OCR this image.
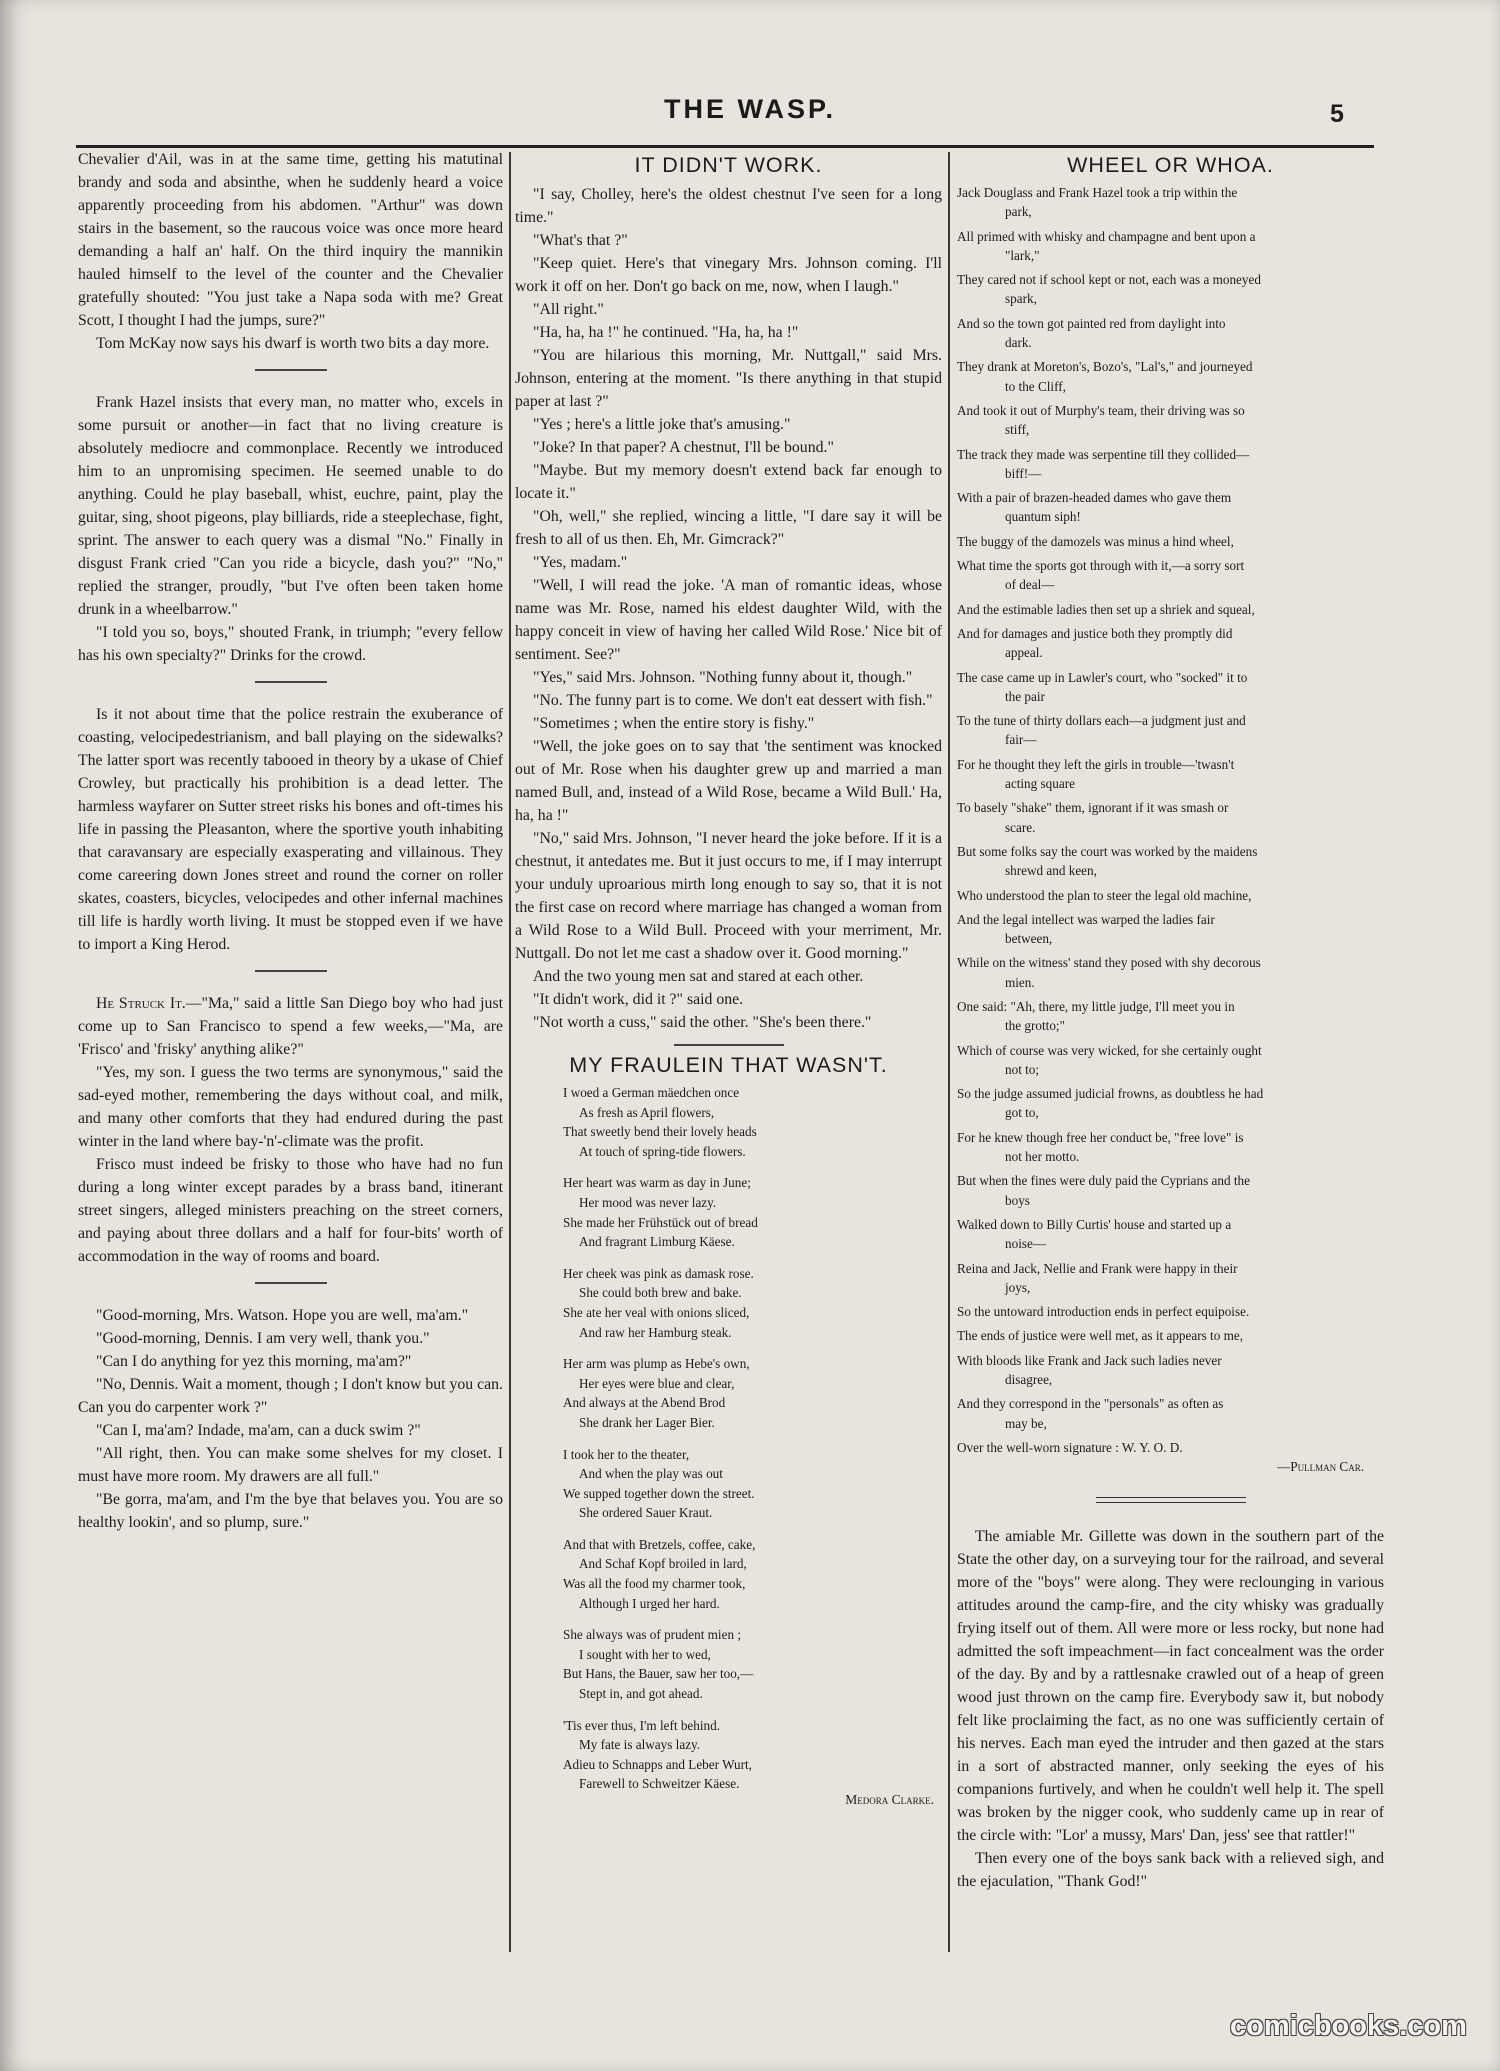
THE WASP.	5

Chevalier d'Ail, was in at the same time, getting his matutinal brandy and soda and absinthe, when he suddenly heard a voice apparently proceeding from his abdomen. "Arthur" was down stairs in the basement, so the raucous voice was once more heard demanding a half an' half. On the third inquiry the mannikin hauled himself to the level of the counter and the Chevalier gratefully shouted: "You just take a Napa soda with me? Great Scott, I thought I had the jumps, sure?"

Tom McKay now says his dwarf is worth two bits a day more.

Frank Hazel insists that every man, no matter who, excels in some pursuit or another—in fact that no living creature is absolutely mediocre and commonplace. Recently we introduced him to an unpromising specimen. He seemed unable to do anything. Could he play baseball, whist, euchre, paint, play the guitar, sing, shoot pigeons, play billiards, ride a steeplechase, fight, sprint. The answer to each query was a dismal "No." Finally in disgust Frank cried "Can you ride a bicycle, dash you?" "No," replied the stranger, proudly, "but I've often been taken home drunk in a wheelbarrow."

"I told you so, boys," shouted Frank, in triumph; "every fellow has his own specialty?" Drinks for the crowd.

Is it not about time that the police restrain the exuberance of coasting, velocipedestrianism, and ball playing on the sidewalks? The latter sport was recently tabooed in theory by a ukase of Chief Crowley, but practically his prohibition is a dead letter. The harmless wayfarer on Sutter street risks his bones and oft-times his life in passing the Pleasanton, where the sportive youth inhabiting that caravansary are especially exasperating and villainous. They come careering down Jones street and round the corner on roller skates, coasters, bicycles, velocipedes and other infernal machines till life is hardly worth living. It must be stopped even if we have to import a King Herod.

He Struck It.—"Ma," said a little San Diego boy who had just come up to San Francisco to spend a few weeks,—"Ma, are 'Frisco' and 'frisky' anything alike?"

"Yes, my son. I guess the two terms are synonymous," said the sad-eyed mother, remembering the days without coal, and milk, and many other comforts that they had endured during the past winter in the land where bay-'n'-climate was the profit.

Frisco must indeed be frisky to those who have had no fun during a long winter except parades by a brass band, itinerant street singers, alleged ministers preaching on the street corners, and paying about three dollars and a half for four-bits' worth of accommodation in the way of rooms and board.

"Good-morning, Mrs. Watson. Hope you are well, ma'am."

"Good-morning, Dennis. I am very well, thank you."

"Can I do anything for yez this morning, ma'am?"

"No, Dennis. Wait a moment, though ; I don't know but you can. Can you do carpenter work ?"

"Can I, ma'am? Indade, ma'am, can a duck swim ?"

"All right, then. You can make some shelves for my closet. I must have more room. My drawers are all full."

"Be gorra, ma'am, and I'm the bye that belaves you. You are so healthy lookin', and so plump, sure."

IT DIDN'T WORK.

"I say, Cholley, here's the oldest chestnut I've seen for a long time."

"What's that ?"

"Keep quiet. Here's that vinegary Mrs. Johnson coming. I'll work it off on her. Don't go back on me, now, when I laugh."

"All right."

"Ha, ha, ha !" he continued. "Ha, ha, ha !"

"You are hilarious this morning, Mr. Nuttgall," said Mrs. Johnson, entering at the moment. "Is there anything in that stupid paper at last ?"

"Yes ; here's a little joke that's amusing."

"Joke? In that paper? A chestnut, I'll be bound."

"Maybe. But my memory doesn't extend back far enough to locate it."

"Oh, well," she replied, wincing a little, "I dare say it will be fresh to all of us then. Eh, Mr. Gimcrack?"

"Yes, madam."

"Well, I will read the joke. 'A man of romantic ideas, whose name was Mr. Rose, named his eldest daughter Wild, with the happy conceit in view of having her called Wild Rose.' Nice bit of sentiment. See?"

"Yes," said Mrs. Johnson. "Nothing funny about it, though."

"No. The funny part is to come. We don't eat dessert with fish."

"Sometimes ; when the entire story is fishy."

"Well, the joke goes on to say that 'the sentiment was knocked out of Mr. Rose when his daughter grew up and married a man named Bull, and, instead of a Wild Rose, became a Wild Bull.' Ha, ha, ha !"

"No," said Mrs. Johnson, "I never heard the joke before. If it is a chestnut, it antedates me. But it just occurs to me, if I may interrupt your unduly uproarious mirth long enough to say so, that it is not the first case on record where marriage has changed a woman from a Wild Rose to a Wild Bull. Proceed with your merriment, Mr. Nuttgall. Do not let me cast a shadow over it. Good morning."

And the two young men sat and stared at each other.

"It didn't work, did it ?" said one.

"Not worth a cuss," said the other. "She's been there."

MY FRAULEIN THAT WASN'T.
I woed a German mäedchen once
As fresh as April flowers,
That sweetly bend their lovely heads
At touch of spring-tide flowers.
Her heart was warm as day in June;
Her mood was never lazy.
She made her Frühstück out of bread
And fragrant Limburg Käese.
Her cheek was pink as damask rose.
She could both brew and bake.
She ate her veal with onions sliced,
And raw her Hamburg steak.
Her arm was plump as Hebe's own,
Her eyes were blue and clear,
And always at the Abend Brod
She drank her Lager Bier.
I took her to the theater,
And when the play was out
We supped together down the street.
She ordered Sauer Kraut.
And that with Bretzels, coffee, cake,
And Schaf Kopf broiled in lard,
Was all the food my charmer took,
Although I urged her hard.
She always was of prudent mien ;
I sought with her to wed,
But Hans, the Bauer, saw her too,—
Stept in, and got ahead.
'Tis ever thus, I'm left behind.
My fate is always lazy.
Adieu to Schnapps and Leber Wurt,
Farewell to Schweitzer Käese.
Medora Clarke.
WHEEL OR WHOA.
Jack Douglass and Frank Hazel took a trip within the
park,
All primed with whisky and champagne and bent upon a
"lark,"
They cared not if school kept or not, each was a moneyed
spark,
And so the town got painted red from daylight into
dark.
They drank at Moreton's, Bozo's, "Lal's," and journeyed
to the Cliff,
And took it out of Murphy's team, their driving was so
stiff,
The track they made was serpentine till they collided—
biff!—
With a pair of brazen-headed dames who gave them
quantum siph!
The buggy of the damozels was minus a hind wheel,
What time the sports got through with it,—a sorry sort
of deal—
And the estimable ladies then set up a shriek and squeal,
And for damages and justice both they promptly did
appeal.
The case came up in Lawler's court, who "socked" it to
the pair
To the tune of thirty dollars each—a judgment just and
fair—
For he thought they left the girls in trouble—'twasn't
acting square
To basely "shake" them, ignorant if it was smash or
scare.
But some folks say the court was worked by the maidens
shrewd and keen,
Who understood the plan to steer the legal old machine,
And the legal intellect was warped the ladies fair
between,
While on the witness' stand they posed with shy decorous
mien.
One said: "Ah, there, my little judge, I'll meet you in
the grotto;"
Which of course was very wicked, for she certainly ought
not to;
So the judge assumed judicial frowns, as doubtless he had
got to,
For he knew though free her conduct be, "free love" is
not her motto.
But when the fines were duly paid the Cyprians and the
boys
Walked down to Billy Curtis' house and started up a
noise—
Reina and Jack, Nellie and Frank were happy in their
joys,
So the untoward introduction ends in perfect equipoise.
The ends of justice were well met, as it appears to me,
With bloods like Frank and Jack such ladies never
disagree,
And they correspond in the "personals" as often as
may be,
Over the well-worn signature : W. Y. O. D.
—Pullman Car.

The amiable Mr. Gillette was down in the southern part of the State the other day, on a surveying tour for the railroad, and several more of the "boys" were along. They were reclounging in various attitudes around the camp-fire, and the city whisky was gradually frying itself out of them. All were more or less rocky, but none had admitted the soft impeachment—in fact concealment was the order of the day. By and by a rattlesnake crawled out of a heap of green wood just thrown on the camp fire. Everybody saw it, but nobody felt like proclaiming the fact, as no one was sufficiently certain of his nerves. Each man eyed the intruder and then gazed at the stars in a sort of abstracted manner, only seeking the eyes of his companions furtively, and when he couldn't well help it. The spell was broken by the nigger cook, who suddenly came up in rear of the circle with: "Lor' a mussy, Mars' Dan, jess' see that rattler!"

Then every one of the boys sank back with a relieved sigh, and the ejaculation, "Thank God!"

comicbooks.com
